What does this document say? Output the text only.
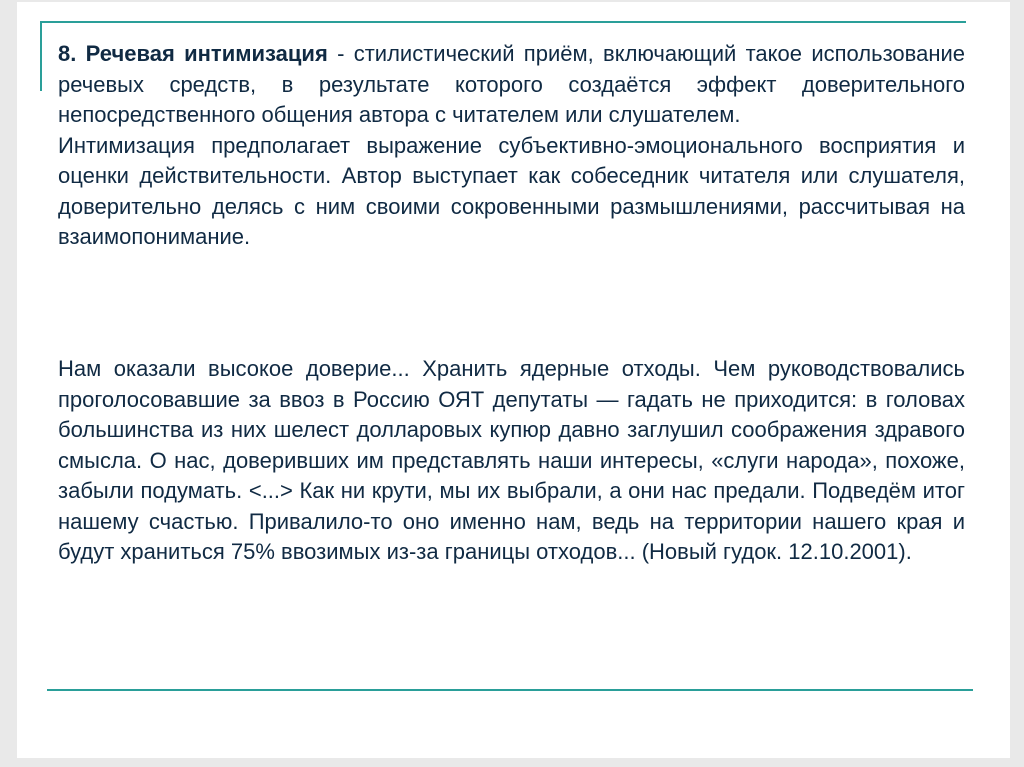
8. Речевая интимизация - стилистический приём, включающий такое использование речевых средств, в результате которого создаётся эффект доверительного непосредственного общения автора с читателем или слушателем.

Интимизация предполагает выражение субъективно-эмоционального восприятия и оценки действительности. Автор выступает как собеседник читателя или слушателя, доверительно делясь с ним своими сокровенными размышлениями, рассчитывая на взаимопонимание.

Нам оказали высокое доверие... Хранить ядерные отходы. Чем руководствовались проголосовавшие за ввоз в Россию ОЯТ депутаты — гадать не приходится: в головах большинства из них шелест долларовых купюр давно заглушил соображения здравого смысла. О нас, доверивших им представлять наши интересы, «слуги народа», похоже, забыли подумать. <...> Как ни крути, мы их выбрали, а они нас предали. Подведём итог нашему счастью. Привалило-то оно именно нам, ведь на территории нашего края и будут храниться 75% ввозимых из-за границы отходов... (Новый гудок. 12.10.2001).
